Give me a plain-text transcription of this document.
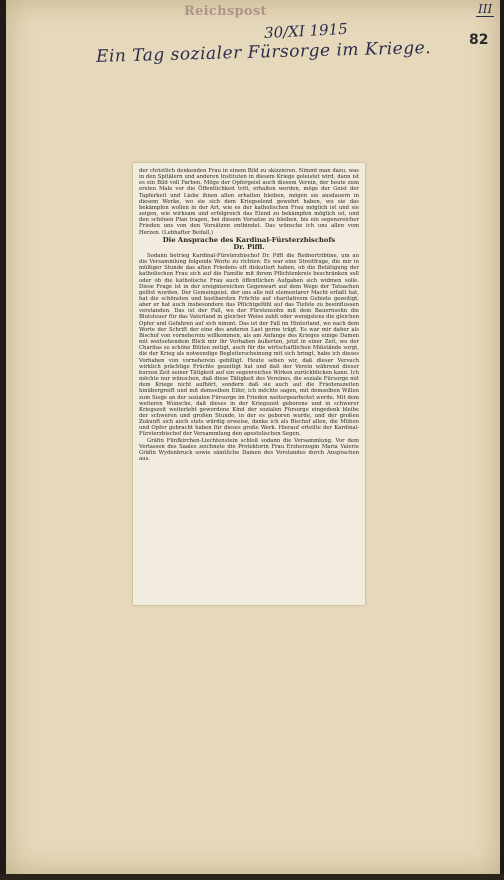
Reichspost	III
82
30/XI 1915
Ein Tag sozialer Fürsorge im Kriege.

der christlich denkenden Frau in einem Bild zu skizzieren. Nimmt man dazu, was in den Spitälern und anderen Instituten in diesem Kriege geleistet wird, dann ist es ein Bild voll Farben. Möge der Opfergeist auch diesem Verein, der heute zum ersten Male vor die Öffentlichkeit tritt, erhalten werden, möge der Geist der Tapferkeit und Liebe ihnen allen erhalten bleiben, mögen sie ausdauern in diesem Werke, wo sie sich dem Kriegselend gewehrt haben, wo sie das bekämpfen wollen in der Art, wie es der katholischen Frau möglich ist und sie zeigen, wie wirksam und erfolgreich das Elend zu bekämpfen möglich ist, und den schönen Plan tragen, bei diesem Vorsatze zu bleiben, bis ein segensreicher Frieden uns von den Vorsätzen entbindet. Das wünsche ich uns allen vom Herzen. (Lebhafter Beifall.)

Die Ansprache des Kardinal-Fürsterzbischofs
Dr. Piffl.

Sodann betrieg Kardinal-Fürsterzbischof Dr. Piffl die Rednertribüne, um an die Versammlung folgende Worte zu richten: Es war eine Streitfrage, die mir in müßiger Stunde das alten Friedens oft diskutiert haben, ob die Betätigung der katholischen Frau sich auf die Familie mit ihrem Pflichtenkreis beschränken soll oder ob die katholische Frau auch öffentlichen Aufgaben sich widmen solle. Diese Frage ist in der ereignisreichen Gegenwart auf dem Wege der Tatsachen gelöst worden. Der Gemeingeist, der uns alle mit elementarer Macht erfaßt hat, hat die schönsten und kostbarsten Früchte auf charitativem Gebiete gezeitigt, aber er hat auch insbesondere das Pflichtgefühl auf das Tiefste zu beeinflussen verstanden. Das ist der Fall, wo der Fürstensohn mit dem Bauernsohn die Blutsteuer für das Vaterland in gleicher Weise zahlt oder wenigstens die gleichen Opfer und Gefahren auf sich nimmt. Das ist der Fall im Hinterland, wo nach dem Worte der Schrift der eine des anderen Last gerne trägt. Es war mir daher als Bischof von vorneherein willkommen, als am Anfange des Krieges einige Damen mit weitsehendem Blick mir ihr Vorhaben äußerten, jetzt in einer Zeit, wo der Charitas so schöne Blüten zeitigt, auch für die wirtschaftlichen Mißstände sorgt, die der Krieg als notwendige Begleiterscheinung mit sich bringt, habe ich dieses Vorhaben von vorneherein gebilligt. Heute sehen wir, daß dieser Versuch wirklich prächtige Früchte gezeitigt hat und daß der Verein während dieser kurzen Zeit seiner Tätigkeit auf ein segenreiches Wirken zurückblicken kann. Ich möchte nur wünschen, daß diese Tätigkeit des Vereines, die soziale Fürsorge mit dem Kriege nicht aufhört, sondern daß sie auch auf die Friedenszeiten hinübergreift und mit demselben Eifer, ich möchte sagen, mit demselben Willen zum Siege an der sozialen Fürsorge im Frieden weitergearbeitet werde. Mit dem weiteren Wunsche, daß dieses in der Kriegszeit geborene und in schwerer Kriegszeit weiterlebt gewordene Kind der sozialen Fürsorge eingedenk bleibe der schweren und großen Stunde, in der es geboren wurde, und der großen Zukunft sich auch stets würdig erweise, danke ich als Bischof allen, die Mühen und Opfer gebracht haben für dieses große Werk. Hierauf erteilte der Kardinal-Fürsterzbischof der Versammlung den apostolischen Segen.

Gräfin Fünfkirchen-Liechtenstein schloß sodann die Versammlung. Vor dem Verlassen des Saales zeichnete die Protektorin Frau Erzherzogin Maria Valerie Gräfin Wydenbruck sowie sämtliche Damen des Vorstandes durch Ansprachen aus.
